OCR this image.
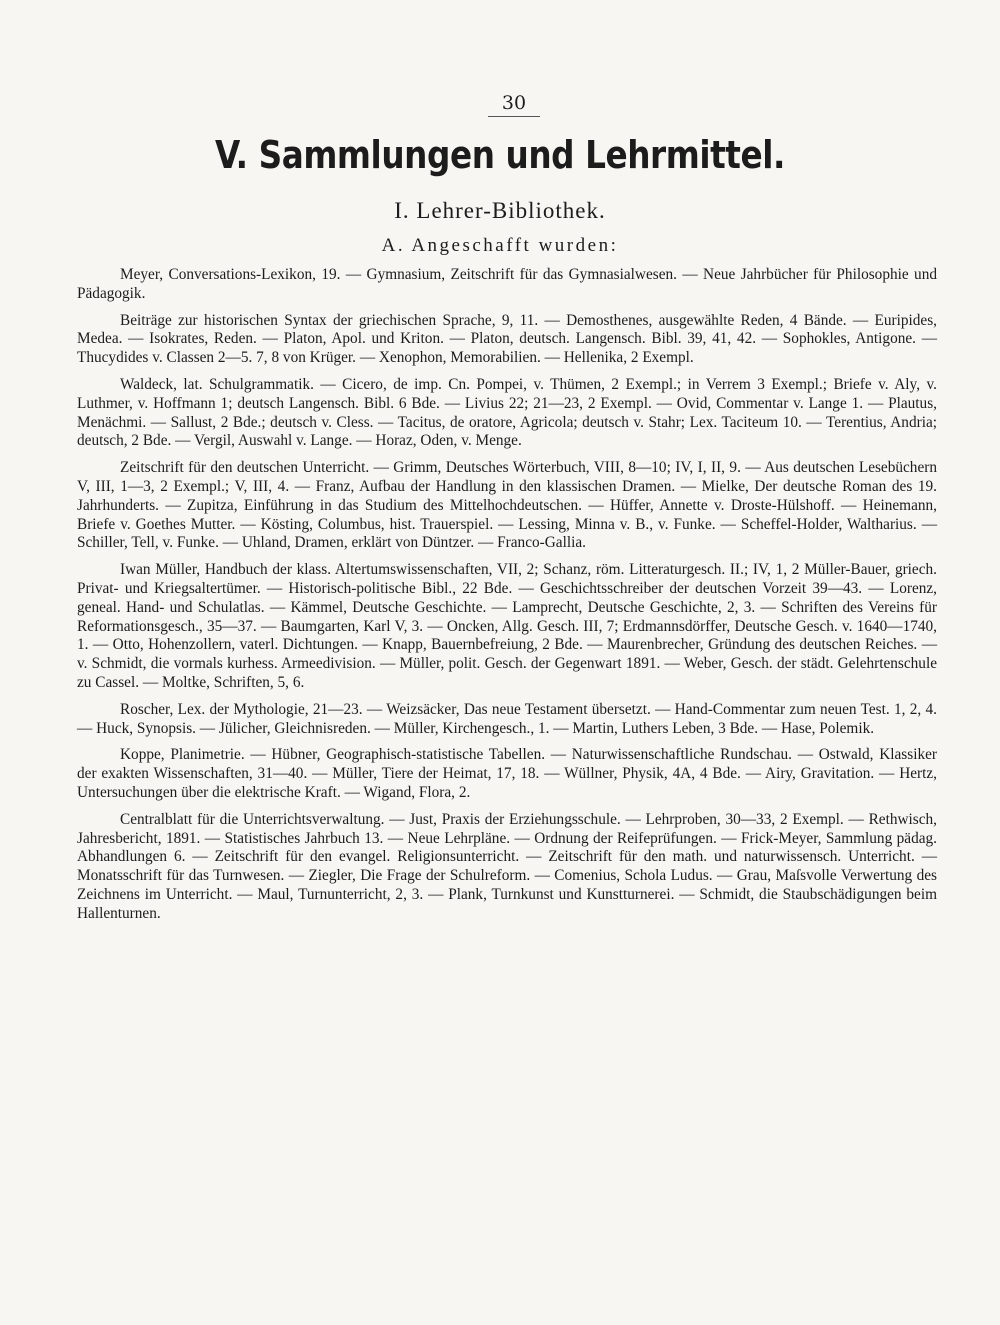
30
V. Sammlungen und Lehrmittel.
I. Lehrer-Bibliothek.
A. Angeschafft wurden:

Meyer, Conversations-Lexikon, 19. — Gymnasium, Zeitschrift für das Gymnasialwesen. — Neue Jahrbücher für Philosophie und Pädagogik.

Beiträge zur historischen Syntax der griechischen Sprache, 9, 11. — Demosthenes, ausgewählte Reden, 4 Bände. — Euripides, Medea. — Isokrates, Reden. — Platon, Apol. und Kriton. — Platon, deutsch. Langensch. Bibl. 39, 41, 42. — Sophokles, Antigone. — Thucydides v. Classen 2—5. 7, 8 von Krüger. — Xenophon, Memorabilien. — Hellenika, 2 Exempl.

Waldeck, lat. Schulgrammatik. — Cicero, de imp. Cn. Pompei, v. Thümen, 2 Exempl.; in Verrem 3 Exempl.; Briefe v. Aly, v. Luthmer, v. Hoffmann 1; deutsch Langensch. Bibl. 6 Bde. — Livius 22; 21—23, 2 Exempl. — Ovid, Commentar v. Lange 1. — Plautus, Menächmi. — Sallust, 2 Bde.; deutsch v. Cless. — Tacitus, de oratore, Agricola; deutsch v. Stahr; Lex. Taciteum 10. — Terentius, Andria; deutsch, 2 Bde. — Vergil, Auswahl v. Lange. — Horaz, Oden, v. Menge.

Zeitschrift für den deutschen Unterricht. — Grimm, Deutsches Wörterbuch, VIII, 8—10; IV, I, II, 9. — Aus deutschen Lesebüchern V, III, 1—3, 2 Exempl.; V, III, 4. — Franz, Aufbau der Handlung in den klassischen Dramen. — Mielke, Der deutsche Roman des 19. Jahrhunderts. — Zupitza, Einführung in das Studium des Mittelhochdeutschen. — Hüffer, Annette v. Droste-Hülshoff. — Heinemann, Briefe v. Goethes Mutter. — Kösting, Columbus, hist. Trauerspiel. — Lessing, Minna v. B., v. Funke. — Scheffel-Holder, Waltharius. — Schiller, Tell, v. Funke. — Uhland, Dramen, erklärt von Düntzer. — Franco-Gallia.

Iwan Müller, Handbuch der klass. Altertumswissenschaften, VII, 2; Schanz, röm. Litteraturgesch. II.; IV, 1, 2 Müller-Bauer, griech. Privat- und Kriegsaltertümer. — Historisch-politische Bibl., 22 Bde. — Geschichtsschreiber der deutschen Vorzeit 39—43. — Lorenz, geneal. Hand- und Schulatlas. — Kämmel, Deutsche Geschichte. — Lamprecht, Deutsche Geschichte, 2, 3. — Schriften des Vereins für Reformationsgesch., 35—37. — Baumgarten, Karl V, 3. — Oncken, Allg. Gesch. III, 7; Erdmannsdörffer, Deutsche Gesch. v. 1640—1740, 1. — Otto, Hohenzollern, vaterl. Dichtungen. — Knapp, Bauernbefreiung, 2 Bde. — Maurenbrecher, Gründung des deutschen Reiches. — v. Schmidt, die vormals kurhess. Armeedivision. — Müller, polit. Gesch. der Gegenwart 1891. — Weber, Gesch. der städt. Gelehrtenschule zu Cassel. — Moltke, Schriften, 5, 6.

Roscher, Lex. der Mythologie, 21—23. — Weizsäcker, Das neue Testament übersetzt. — Hand-Commentar zum neuen Test. 1, 2, 4. — Huck, Synopsis. — Jülicher, Gleichnisreden. — Müller, Kirchengesch., 1. — Martin, Luthers Leben, 3 Bde. — Hase, Polemik.

Koppe, Planimetrie. — Hübner, Geographisch-statistische Tabellen. — Naturwissenschaftliche Rundschau. — Ostwald, Klassiker der exakten Wissenschaften, 31—40. — Müller, Tiere der Heimat, 17, 18. — Wüllner, Physik, 4A, 4 Bde. — Airy, Gravitation. — Hertz, Untersuchungen über die elektrische Kraft. — Wigand, Flora, 2.

Centralblatt für die Unterrichtsverwaltung. — Just, Praxis der Erziehungsschule. — Lehrproben, 30—33, 2 Exempl. — Rethwisch, Jahresbericht, 1891. — Statistisches Jahrbuch 13. — Neue Lehrpläne. — Ordnung der Reifeprüfungen. — Frick-Meyer, Sammlung pädag. Abhandlungen 6. — Zeitschrift für den evangel. Religionsunterricht. — Zeitschrift für den math. und naturwissensch. Unterricht. — Monatsschrift für das Turnwesen. — Ziegler, Die Frage der Schulreform. — Comenius, Schola Ludus. — Grau, Maſsvolle Verwertung des Zeichnens im Unterricht. — Maul, Turnunterricht, 2, 3. — Plank, Turnkunst und Kunstturnerei. — Schmidt, die Staubschädigungen beim Hallenturnen.
